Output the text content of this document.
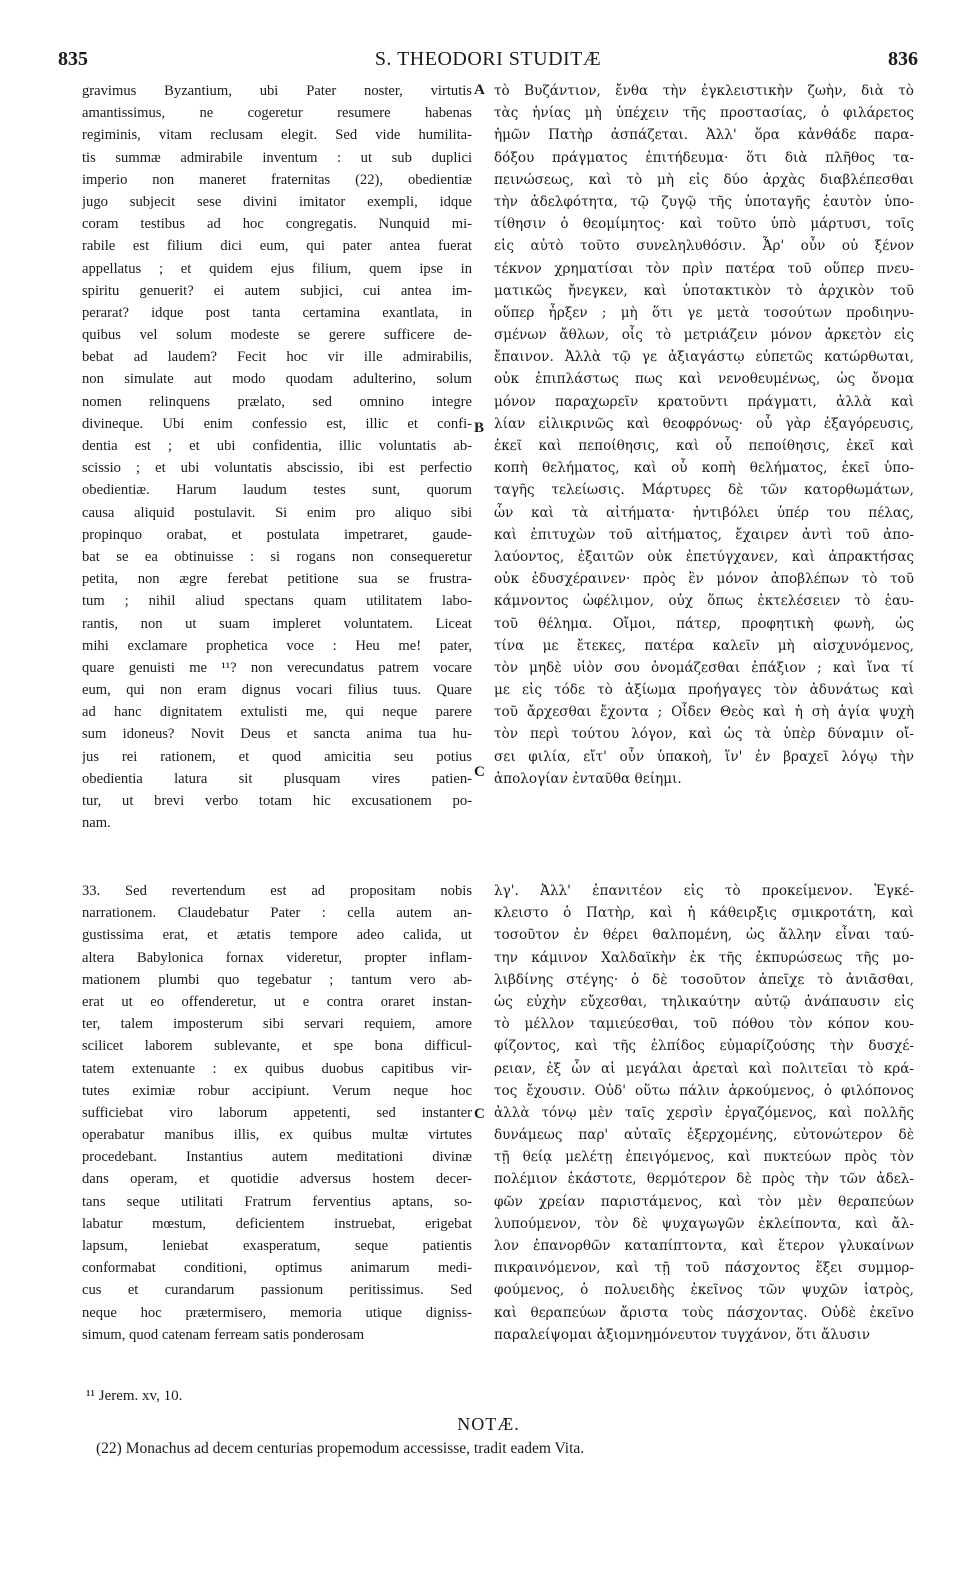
835	S. THEODORI STUDITÆ	836
gravimus Byzantium, ubi Pater noster, virtutis
amantissimus, ne cogeretur resumere habenas
regiminis, vitam reclusam elegit. Sed vide humilita-
tis summæ admirabile inventum : ut sub duplici
imperio non maneret fraternitas (22), obedientiæ
jugo subjecit sese divini imitator exempli, idque
coram testibus ad hoc congregatis. Nunquid mi-
rabile est filium dici eum, qui pater antea fuerat
appellatus ; et quidem ejus filium, quem ipse in
spiritu genuerit? ei autem subjici, cui antea im-
perarat? idque post tanta certamina exantlata, in
quibus vel solum modeste se gerere sufficere de-
bebat ad laudem? Fecit hoc vir ille admirabilis,
non simulate aut modo quodam adulterino, solum
nomen relinquens prælato, sed omnino integre
divineque. Ubi enim confessio est, illic et confi-
dentia est ; et ubi confidentia, illic voluntatis ab-
scissio ; et ubi voluntatis abscissio, ibi est perfectio
obedientiæ. Harum laudum testes sunt, quorum
causa aliquid postulavit. Si enim pro aliquo sibi
propinquo orabat, et postulata impetraret, gaude-
bat se ea obtinuisse : si rogans non consequeretur
petita, non ægre ferebat petitione sua se frustra-
tum ; nihil aliud spectans quam utilitatem labo-
rantis, non ut suam impleret voluntatem. Liceat
mihi exclamare prophetica voce : Heu me! pater,
quare genuisti me ¹¹? non verecundatus patrem vocare
eum, qui non eram dignus vocari filius tuus. Quare
ad hanc dignitatem extulisti me, qui neque parere
sum idoneus? Novit Deus et sancta anima tua hu-
jus rei rationem, et quod amicitia seu potius
obedientia latura sit plusquam vires patien-
tur, ut brevi verbo totam hic excusationem po-
nam.
33. Sed revertendum est ad propositam nobis
narrationem. Claudebatur Pater : cella autem an-
gustissima erat, et ætatis tempore adeo calida, ut
altera Babylonica fornax videretur, propter inflam-
mationem plumbi quo tegebatur ; tantum vero ab-
erat ut eo offenderetur, ut e contra oraret instan-
ter, talem imposterum sibi servari requiem, amore
scilicet laborem sublevante, et spe bona difficul-
tatem extenuante : ex quibus duobus capitibus vir-
tutes eximiæ robur accipiunt. Verum neque hoc
sufficiebat viro laborum appetenti, sed instanter
operabatur manibus illis, ex quibus multæ virtutes
procedebant. Instantius autem meditationi divinæ
dans operam, et quotidie adversus hostem decer-
tans seque utilitati Fratrum ferventius aptans, so-
labatur mœstum, deficientem instruebat, erigebat
lapsum, leniebat exasperatum, seque patientis
conformabat conditioni, optimus animarum medi-
cus et curandarum passionum peritissimus. Sed
neque hoc prætermisero, memoria utique digniss-
simum, quod catenam ferream satis ponderosam
τὸ Βυζάντιον, ἔνθα τὴν ἐγκλειστικὴν ζωὴν, διὰ τὸ
τὰς ἡνίας μὴ ὑπέχειν τῆς προστασίας, ὁ φιλάρετος
ἡμῶν Πατὴρ ἀσπάζεται. Ἀλλ' ὅρα κἀνθάδε παρα-
δόξου πράγματος ἐπιτήδευμα· ὅτι διὰ πλῆθος τα-
πεινώσεως, καὶ τὸ μὴ εἰς δύο ἀρχὰς διαβλέπεσθαι
τὴν ἀδελφότητα, τῷ ζυγῷ τῆς ὑποταγῆς ἑαυτὸν ὑπο-
τίθησιν ὁ θεομίμητος· καὶ τοῦτο ὑπὸ μάρτυσι, τοῖς
εἰς αὐτὸ τοῦτο συνεληλυθόσιν. Ἆρ' οὖν οὐ ξένον
τέκνον χρηματίσαι τὸν πρὶν πατέρα τοῦ οὕπερ πνευ-
ματικῶς ἤνεγκεν, καὶ ὑποτακτικὸν τὸ ἀρχικὸν τοῦ
οὕπερ ἦρξεν ; μὴ ὅτι γε μετὰ τοσούτων προδιηνυ-
σμένων ἄθλων, οἷς τὸ μετριάζειν μόνον ἀρκετὸν εἰς
ἔπαινον. Ἀλλὰ τῷ γε ἀξιαγάστῳ εὐπετῶς κατώρθωται,
οὐκ ἐπιπλάστως πως καὶ νενοθευμένως, ὡς ὄνομα
μόνον παραχωρεῖν κρατοῦντι πράγματι, ἀλλὰ καὶ
λίαν εἰλικρινῶς καὶ θεοφρόνως· οὗ γὰρ ἐξαγόρευσις,
ἐκεῖ καὶ πεποίθησις, καὶ οὗ πεποίθησις, ἐκεῖ καὶ
κοπὴ θελήματος, καὶ οὗ κοπὴ θελήματος, ἐκεῖ ὑπο-
ταγῆς τελείωσις. Μάρτυρες δὲ τῶν κατορθωμάτων,
ὧν καὶ τὰ αἰτήματα· ἠντιβόλει ὑπέρ του πέλας,
καὶ ἐπιτυχὼν τοῦ αἰτήματος, ἔχαιρεν ἀντὶ τοῦ ἀπο-
λαύοντος, ἐξαιτῶν οὐκ ἐπετύγχανεν, καὶ ἀπρακτήσας
οὐκ ἐδυσχέραινεν· πρὸς ἓν μόνον ἀποβλέπων τὸ τοῦ
κάμνοντος ὠφέλιμον, οὐχ ὅπως ἐκτελέσειεν τὸ ἑαυ-
τοῦ θέλημα. Οἴμοι, πάτερ, προφητικὴ φωνὴ, ὡς
τίνα με ἔτεκες, πατέρα καλεῖν μὴ αἰσχυνόμενος,
τὸν μηδὲ υἱὸν σου ὀνομάζεσθαι ἐπάξιον ; καὶ ἵνα τί
με εἰς τόδε τὸ ἀξίωμα προήγαγες τὸν ἀδυνάτως καὶ
τοῦ ἄρχεσθαι ἔχοντα ; Οἶδεν Θεὸς καὶ ἡ σὴ ἁγία ψυχὴ
τὸν περὶ τούτου λόγον, καὶ ὡς τὰ ὑπὲρ δύναμιν οἴ-
σει φιλία, εἴτ' οὖν ὑπακοὴ, ἵν' ἐν βραχεῖ λόγῳ τὴν
ἀπολογίαν ἐνταῦθα θείημι.
λγ'. Ἀλλ' ἐπανιτέον εἰς τὸ προκείμενον. Ἐγκέ-
κλειστο ὁ Πατὴρ, καὶ ἡ κάθειρξις σμικροτάτη, καὶ
τοσοῦτον ἐν θέρει θαλπομένη, ὡς ἄλλην εἶναι ταύ-
την κάμινον Χαλδαϊκὴν ἐκ τῆς ἐκπυρώσεως τῆς μο-
λιβδίνης στέγης· ὁ δὲ τοσοῦτον ἀπεῖχε τὸ ἀνιᾶσθαι,
ὡς εὐχὴν εὔχεσθαι, τηλικαύτην αὐτῷ ἀνάπαυσιν εἰς
τὸ μέλλον ταμιεύεσθαι, τοῦ πόθου τὸν κόπον κου-
φίζοντος, καὶ τῆς ἐλπίδος εὐμαρίζούσης τὴν δυσχέ-
ρειαν, ἐξ ὧν αἱ μεγάλαι ἀρεταὶ καὶ πολιτεῖαι τὸ κρά-
τος ἔχουσιν. Οὐδ' οὕτω πάλιν ἀρκούμενος, ὁ φιλόπονος
ἀλλὰ τόνῳ μὲν ταῖς χερσὶν ἐργαζόμενος, καὶ πολλῆς
δυνάμεως παρ' αὐταῖς ἐξερχομένης, εὐτονώτερον δὲ
τῇ θείᾳ μελέτῃ ἐπειγόμενος, καὶ πυκτεύων πρὸς τὸν
πολέμιον ἑκάστοτε, θερμότερον δὲ πρὸς τὴν τῶν ἀδελ-
φῶν χρείαν παριστάμενος, καὶ τὸν μὲν θεραπεύων
λυπούμενον, τὸν δὲ ψυχαγωγῶν ἐκλείποντα, καὶ ἄλ-
λον ἐπανορθῶν καταπίπτοντα, καὶ ἕτερον γλυκαίνων
πικραινόμενον, καὶ τῇ τοῦ πάσχοντος ἕξει συμμορ-
φούμενος, ὁ πολυειδὴς ἐκεῖνος τῶν ψυχῶν ἰατρὸς,
καὶ θεραπεύων ἄριστα τοὺς πάσχοντας. Οὐδὲ ἐκεῖνο
παραλείψομαι ἀξιομνημόνευτον τυγχάνον, ὅτι ἄλυσιν
A
B
C
C
¹¹ Jerem. xv, 10.
NOTÆ.
(22) Monachus ad decem centurias propemodum accessisse, tradit eadem Vita.
